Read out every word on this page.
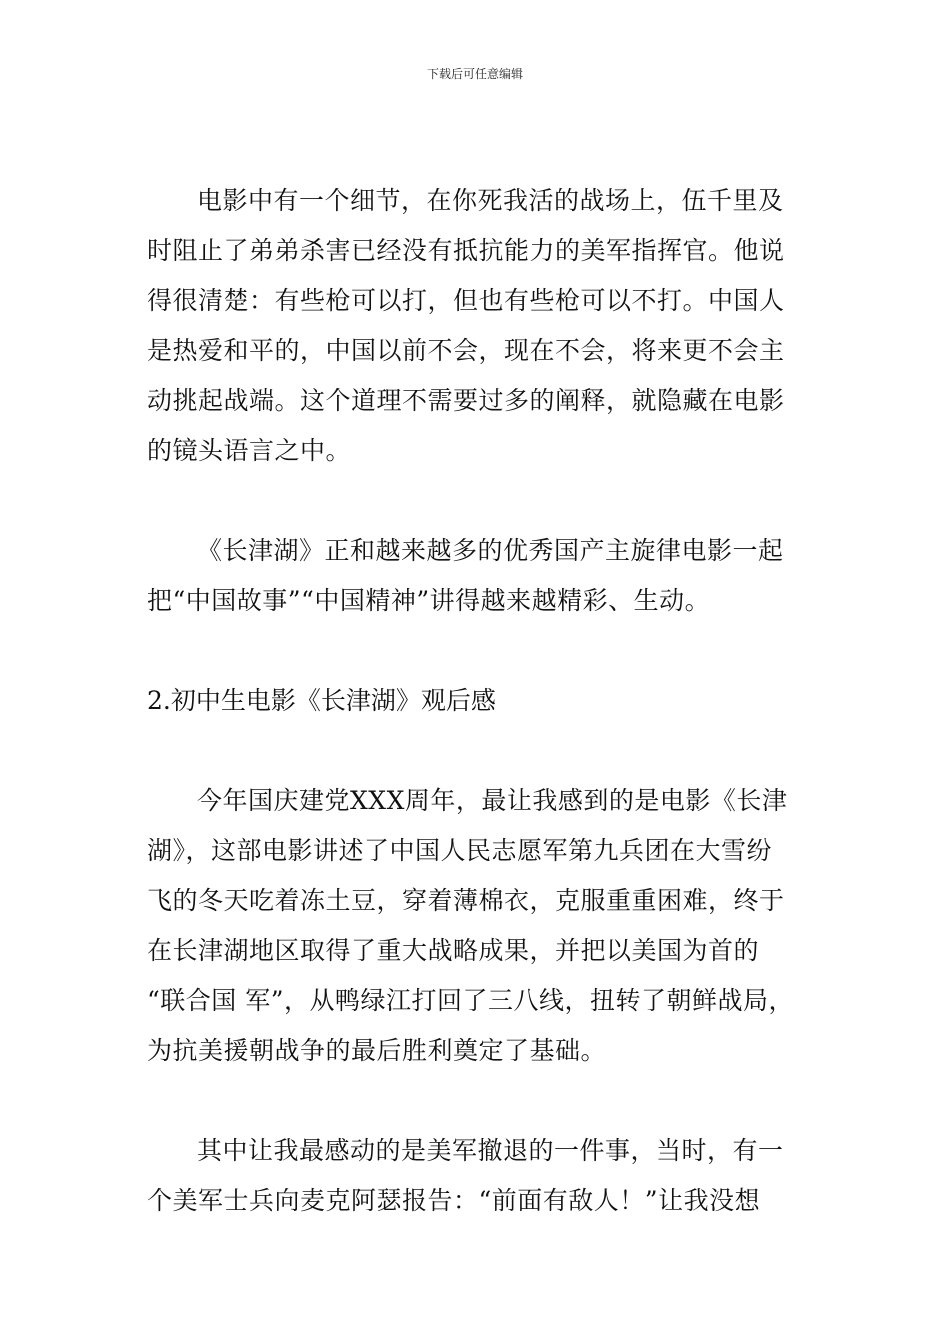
下载后可任意编辑

电影中有一个细节，在你死我活的战场上，伍千里及
时阻止了弟弟杀害已经没有抵抗能力的美军指挥官。他说
得很清楚：有些枪可以打，但也有些枪可以不打。中国人
是热爱和平的，中国以前不会，现在不会，将来更不会主
动挑起战端。这个道理不需要过多的阐释，就隐藏在电影
的镜头语言之中。

《长津湖》正和越来越多的优秀国产主旋律电影一起
把“中国故事”“中国精神”讲得越来越精彩、生动。

2.初中生电影《长津湖》观后感

今年国庆建党XXX周年，最让我感到的是电影《长津
湖》，这部电影讲述了中国人民志愿军第九兵团在大雪纷
飞的冬天吃着冻土豆，穿着薄棉衣，克服重重困难，终于
在长津湖地区取得了重大战略成果，并把以美国为首的
“联合国 军”，从鸭绿江打回了三八线，扭转了朝鲜战局，
为抗美援朝战争的最后胜利奠定了基础。

其中让我最感动的是美军撤退的一件事，当时，有一
个美军士兵向麦克阿瑟报告：“前面有敌人！”让我没想
